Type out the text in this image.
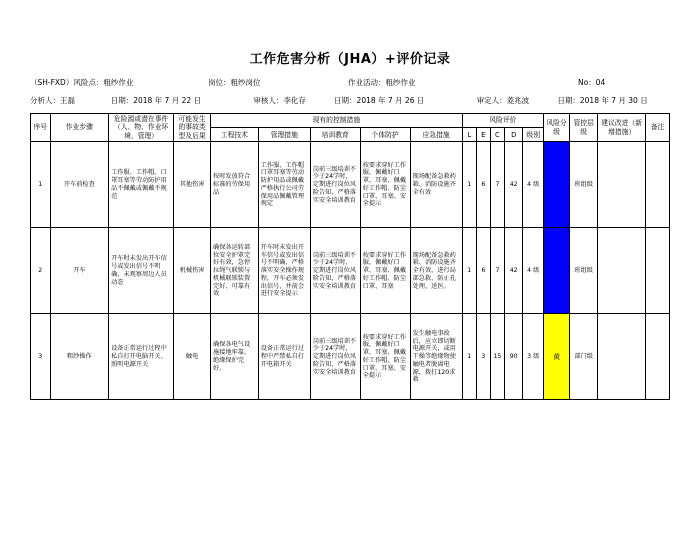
工作危害分析（JHA）+评价记录
（SH-FXD）风险点：粗纱作业	岗位：粗纱岗位	作业活动：粗纱作业	No：04
分析人：王磊	日期：2018 年 7 月 22 日	审核人：李化存	日期：2018 年 7 月 26 日	审定人：菱兆波	日期：2018 年 7 月 30 日
序号	作业步骤	危险源或潜在事件（人、物、作业环境、管理）	可能发生的事故类型及后果	现有的控制措施					风险评价					风险分级	管控层级	建议改进（新增措施）	备注
				工程技术	管理措施	培训教育	个体防护	应急措施	L	E	C	D	级别				
1	开车前检查	工作服、工作帽、口罩耳塞等劳动防护用品不佩戴或佩戴不规范	其他伤害	按时发放符合标准的劳保用品	工作服、工作帽口罩耳塞等劳动防护用品或佩戴严格执行公司劳保用品佩戴管理规定	岗前三级培训不少于24学时，定期进行岗位风险告知，严格落实安全培训教育	按要求穿好工作服，佩戴好口罩、耳塞、佩戴好工作帽、防尘口罩、耳塞、安全提示	现场配备急救药箱、消防设施齐全有效	1	6	7	42	4 级	蓝	班组级		
2	开车	开车时未发出开车信号或发出信号不明确，未观察周边人员动态	机械伤害	确保各运转部位安全护罩完好有效，急停拉绳气联锁与机械联锁装置完好、可靠有效	开车时未发出开车信号或发出信号不明确，严格落实安全操作规程，开车必须发出信号，并前会进行安全提示	岗前三级培训不少于24学时，定期进行岗位风险告知，严格落实安全培训教育	按要求穿好工作服，佩戴好口罩、耳塞、佩戴好工作帽、防尘口罩、耳塞	现场配备急救药箱、消防设施齐全有效，进行局部急救，防止孔处理，送医。	1	6	7	42	4 级	蓝	班组级		
3	粗纱操作	设备正常运行过程中私自打开电脑开关、照明电源开关	触电	确保各电气设施接地牢靠、绝缘保护完好。	设备正常运行过程中严禁私自打开电箱开关	岗前三级培训不少于24学时，定期进行岗位风险告知，严格落实安全培训教育	按要求穿好工作服，佩戴好口罩、耳塞、佩戴好工作帽、防尘口罩、耳塞、安全提示	发生触电事故后，应立即切断电源开关，或用干燥等绝缘物使触电者脱离电源，拨打120求救	1	3	15	90	3 级	黄	部门级		
